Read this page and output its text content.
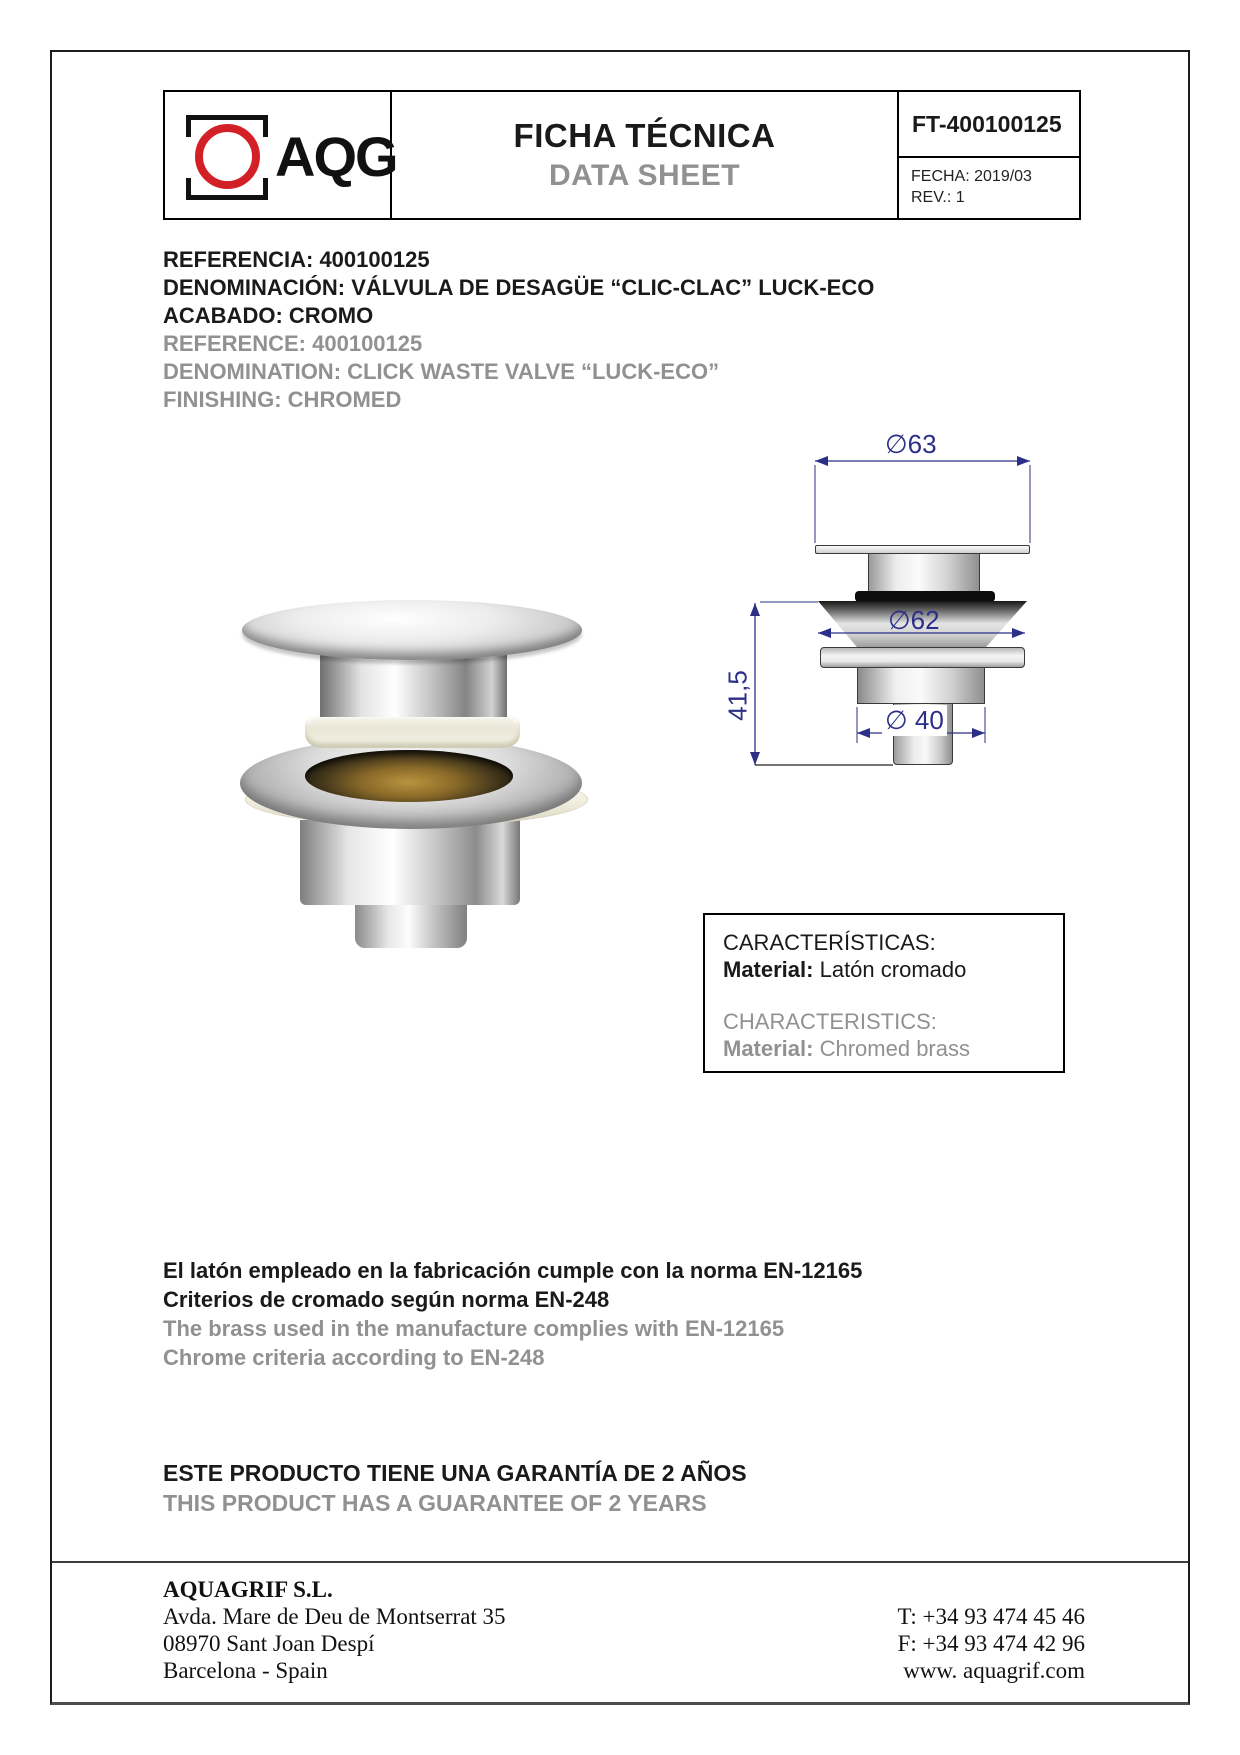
AQG	FICHA TÉCNICA
DATA SHEET
FT-400100125
FECHA: 2019/03
REV.: 1
REFERENCIA: 400100125
DENOMINACIÓN: VÁLVULA DE DESAGÜE “CLIC-CLAC” LUCK-ECO
ACABADO: CROMO
REFERENCE: 400100125
DENOMINATION: CLICK WASTE VALVE “LUCK-ECO”
FINISHING: CHROMED
∅63
∅62
∅ 40
41,5
CARACTERÍSTICAS:
Material: Latón cromado
CHARACTERISTICS:
Material: Chromed brass
El latón empleado en la fabricación cumple con la norma EN-12165
Criterios de cromado según norma EN-248
The brass used in the manufacture complies with EN-12165
Chrome criteria according to EN-248
ESTE PRODUCTO TIENE UNA GARANTÍA DE 2 AÑOS
THIS PRODUCT HAS A GUARANTEE OF 2 YEARS
AQUAGRIF S.L.
Avda. Mare de Deu de Montserrat 35
08970 Sant Joan Despí
Barcelona - Spain
T: +34 93 474 45 46
F: +34 93 474 42 96
www. aquagrif.com
